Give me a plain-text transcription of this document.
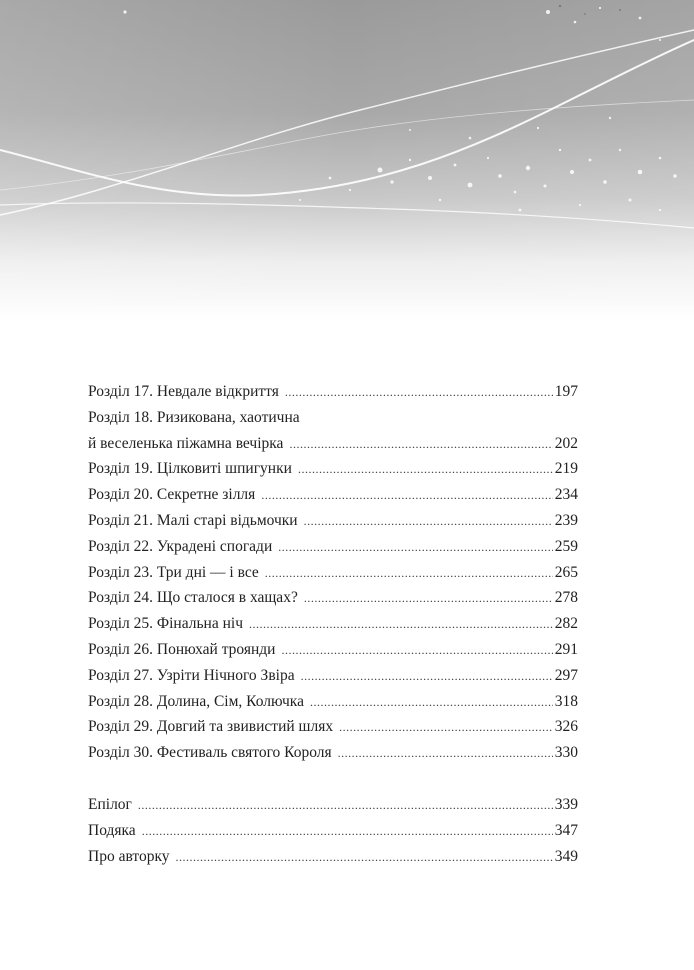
Розділ 17. Невдале відкриття .....	197
Розділ 18. Ризикована, хаотична
й веселенька піжамна вечірка .....	202
Розділ 19. Цілковиті шпигунки .....	219
Розділ 20. Секретне зілля .....	234
Розділ 21. Малі старі відьмочки .....	239
Розділ 22. Украдені спогади .....	259
Розділ 23. Три дні — і все .....	265
Розділ 24. Що сталося в хащах? .....	278
Розділ 25. Фінальна ніч .....	282
Розділ 26. Понюхай троянди .....	291
Розділ 27. Узріти Нічного Звіра .....	297
Розділ 28. Долина, Сім, Колючка .....	318
Розділ 29. Довгий та звивистий шлях .....	326
Розділ 30. Фестиваль святого Короля .....	330
Епілог .....	339
Подяка .....	347
Про авторку .....	349
